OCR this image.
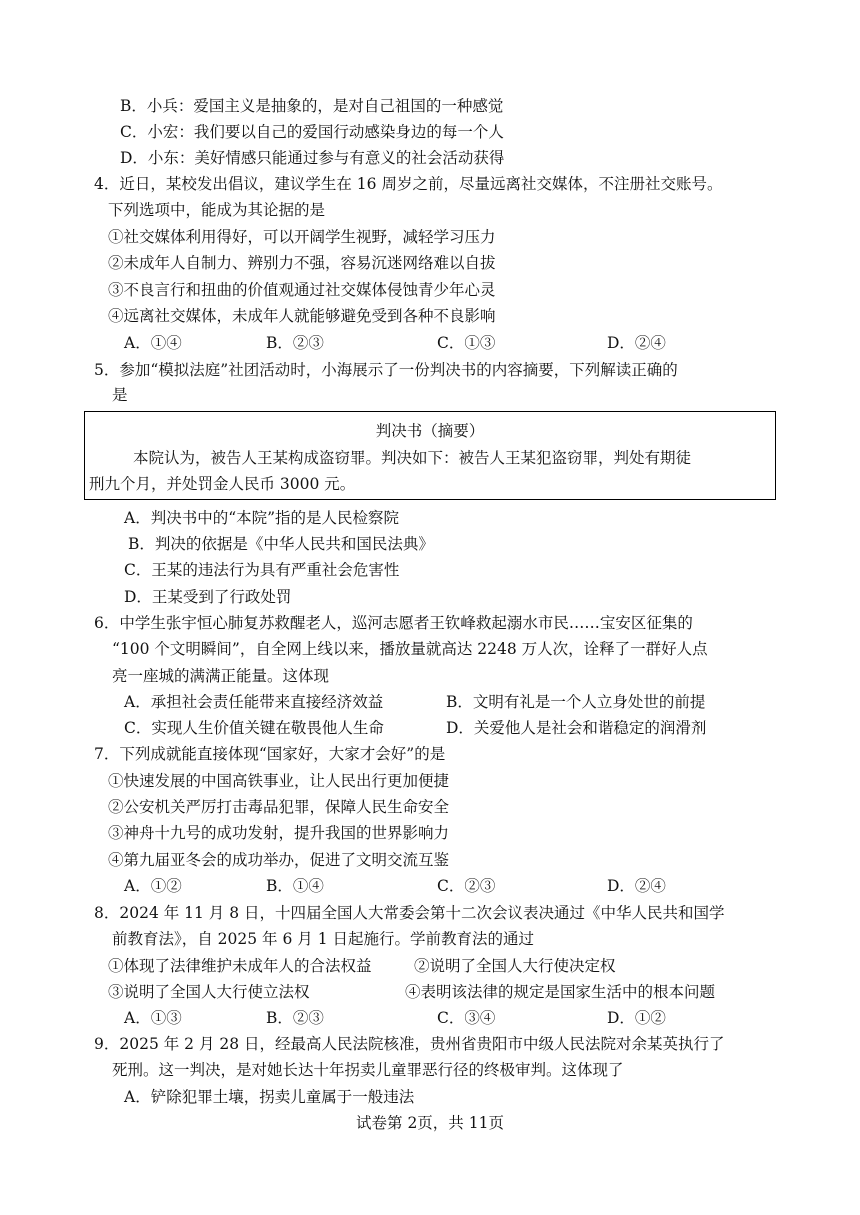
B．小兵：爱国主义是抽象的，是对自己祖国的一种感觉
C．小宏：我们要以自己的爱国行动感染身边的每一个人
D．小东：美好情感只能通过参与有意义的社会活动获得
4．近日，某校发出倡议，建议学生在 16 周岁之前，尽量远离社交媒体，不注册社交账号。
下列选项中，能成为其论据的是
①社交媒体利用得好，可以开阔学生视野，减轻学习压力
②未成年人自制力、辨别力不强，容易沉迷网络难以自拔
③不良言行和扭曲的价值观通过社交媒体侵蚀青少年心灵
A．①④	B．②③	C．①③	D．②④
5．参加“模拟法庭”社团活动时，小海展示了一份判决书的内容摘要，下列解读正确的
是
判决书（摘要）
本院认为，被告人王某构成盗窃罪。判决如下：被告人王某犯盗窃罪，判处有期徒
刑九个月，并处罚金人民币 3000 元。
A．判决书中的“本院”指的是人民检察院
B．判决的依据是《中华人民共和国民法典》
C．王某的违法行为具有严重社会危害性
D．王某受到了行政处罚
6．中学生张宇恒心肺复苏救醒老人，巡河志愿者王钦峰救起溺水市民……宝安区征集的
“100 个文明瞬间”，自全网上线以来，播放量就高达 2248 万人次，诠释了一群好人点
亮一座城的满满正能量。这体现
A．承担社会责任能带来直接经济效益	B．文明有礼是一个人立身处世的前提
C．实现人生价值关键在敬畏他人生命	D．关爱他人是社会和谐稳定的润滑剂
7．下列成就能直接体现“国家好，大家才会好”的是
①快速发展的中国高铁事业，让人民出行更加便捷
②公安机关严厉打击毒品犯罪，保障人民生命安全
③神舟十九号的成功发射，提升我国的世界影响力
④第九届亚冬会的成功举办，促进了文明交流互鉴
A．①②	B．①④	C．②③	D．②④
8．2024 年 11 月 8 日，十四届全国人大常委会第十二次会议表决通过《中华人民共和国学
前教育法》，自 2025 年 6 月 1 日起施行。学前教育法的通过
①体现了法律维护未成年人的合法权益	②说明了全国人大行使决定权
③说明了全国人大行使立法权	④表明该法律的规定是国家生活中的根本问题
A．①③	B．②③	C．③④	D．①②
9．2025 年 2 月 28 日，经最高人民法院核准，贵州省贵阳市中级人民法院对余某英执行了
死刑。这一判决，是对她长达十年拐卖儿童罪恶行径的终极审判。这体现了
A．铲除犯罪土壤，拐卖儿童属于一般违法
试卷第 2页，共 11页
④远离社交媒体，未成年人就能够避免受到各种不良影响
